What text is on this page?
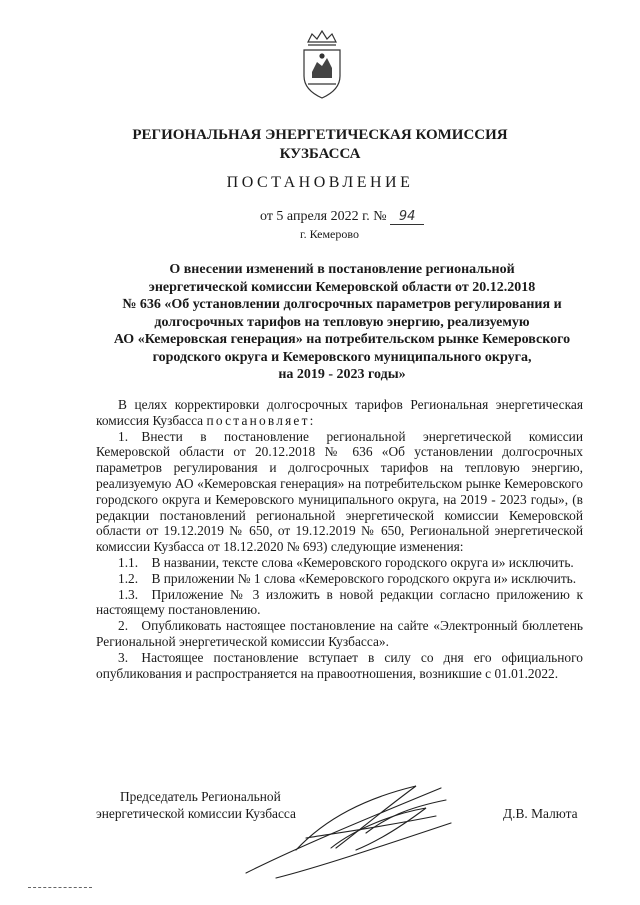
РЕГИОНАЛЬНАЯ ЭНЕРГЕТИЧЕСКАЯ КОМИССИЯ
КУЗБАССА
ПОСТАНОВЛЕНИЕ
от 5 апреля 2022 г. № 94
г. Кемерово
О внесении изменений в постановление региональной
энергетической комиссии Кемеровской области от 20.12.2018
№ 636 «Об установлении долгосрочных параметров регулирования и
долгосрочных тарифов на тепловую энергию, реализуемую
АО «Кемеровская генерация» на потребительском рынке Кемеровского
городского округа и Кемеровского муниципального округа,
на 2019 - 2023 годы»

В целях корректировки долгосрочных тарифов Региональная энергетическая комиссия Кузбасса постановляет:

1. Внести в постановление региональной энергетической комиссии Кемеровской области от 20.12.2018 № 636 «Об установлении долгосрочных параметров регулирования и долгосрочных тарифов на тепловую энергию, реализуемую АО «Кемеровская генерация» на потребительском рынке Кемеровского городского округа и Кемеровского муниципального округа, на 2019 - 2023 годы», (в редакции постановлений региональной энергетической комиссии Кемеровской области от 19.12.2019 № 650, от 19.12.2019 № 650, Региональной энергетической комиссии Кузбасса от 18.12.2020 № 693) следующие изменения:

1.1. В названии, тексте слова «Кемеровского городского округа и» исключить.

1.2. В приложении № 1 слова «Кемеровского городского округа и» исключить.

1.3. Приложение № 3 изложить в новой редакции согласно приложению к настоящему постановлению.

2. Опубликовать настоящее постановление на сайте «Электронный бюллетень Региональной энергетической комиссии Кузбасса».

3. Настоящее постановление вступает в силу со дня его официального опубликования и распространяется на правоотношения, возникшие с 01.01.2022.

Председатель Региональной
энергетической комиссии Кузбасса	Д.В. Малюта
